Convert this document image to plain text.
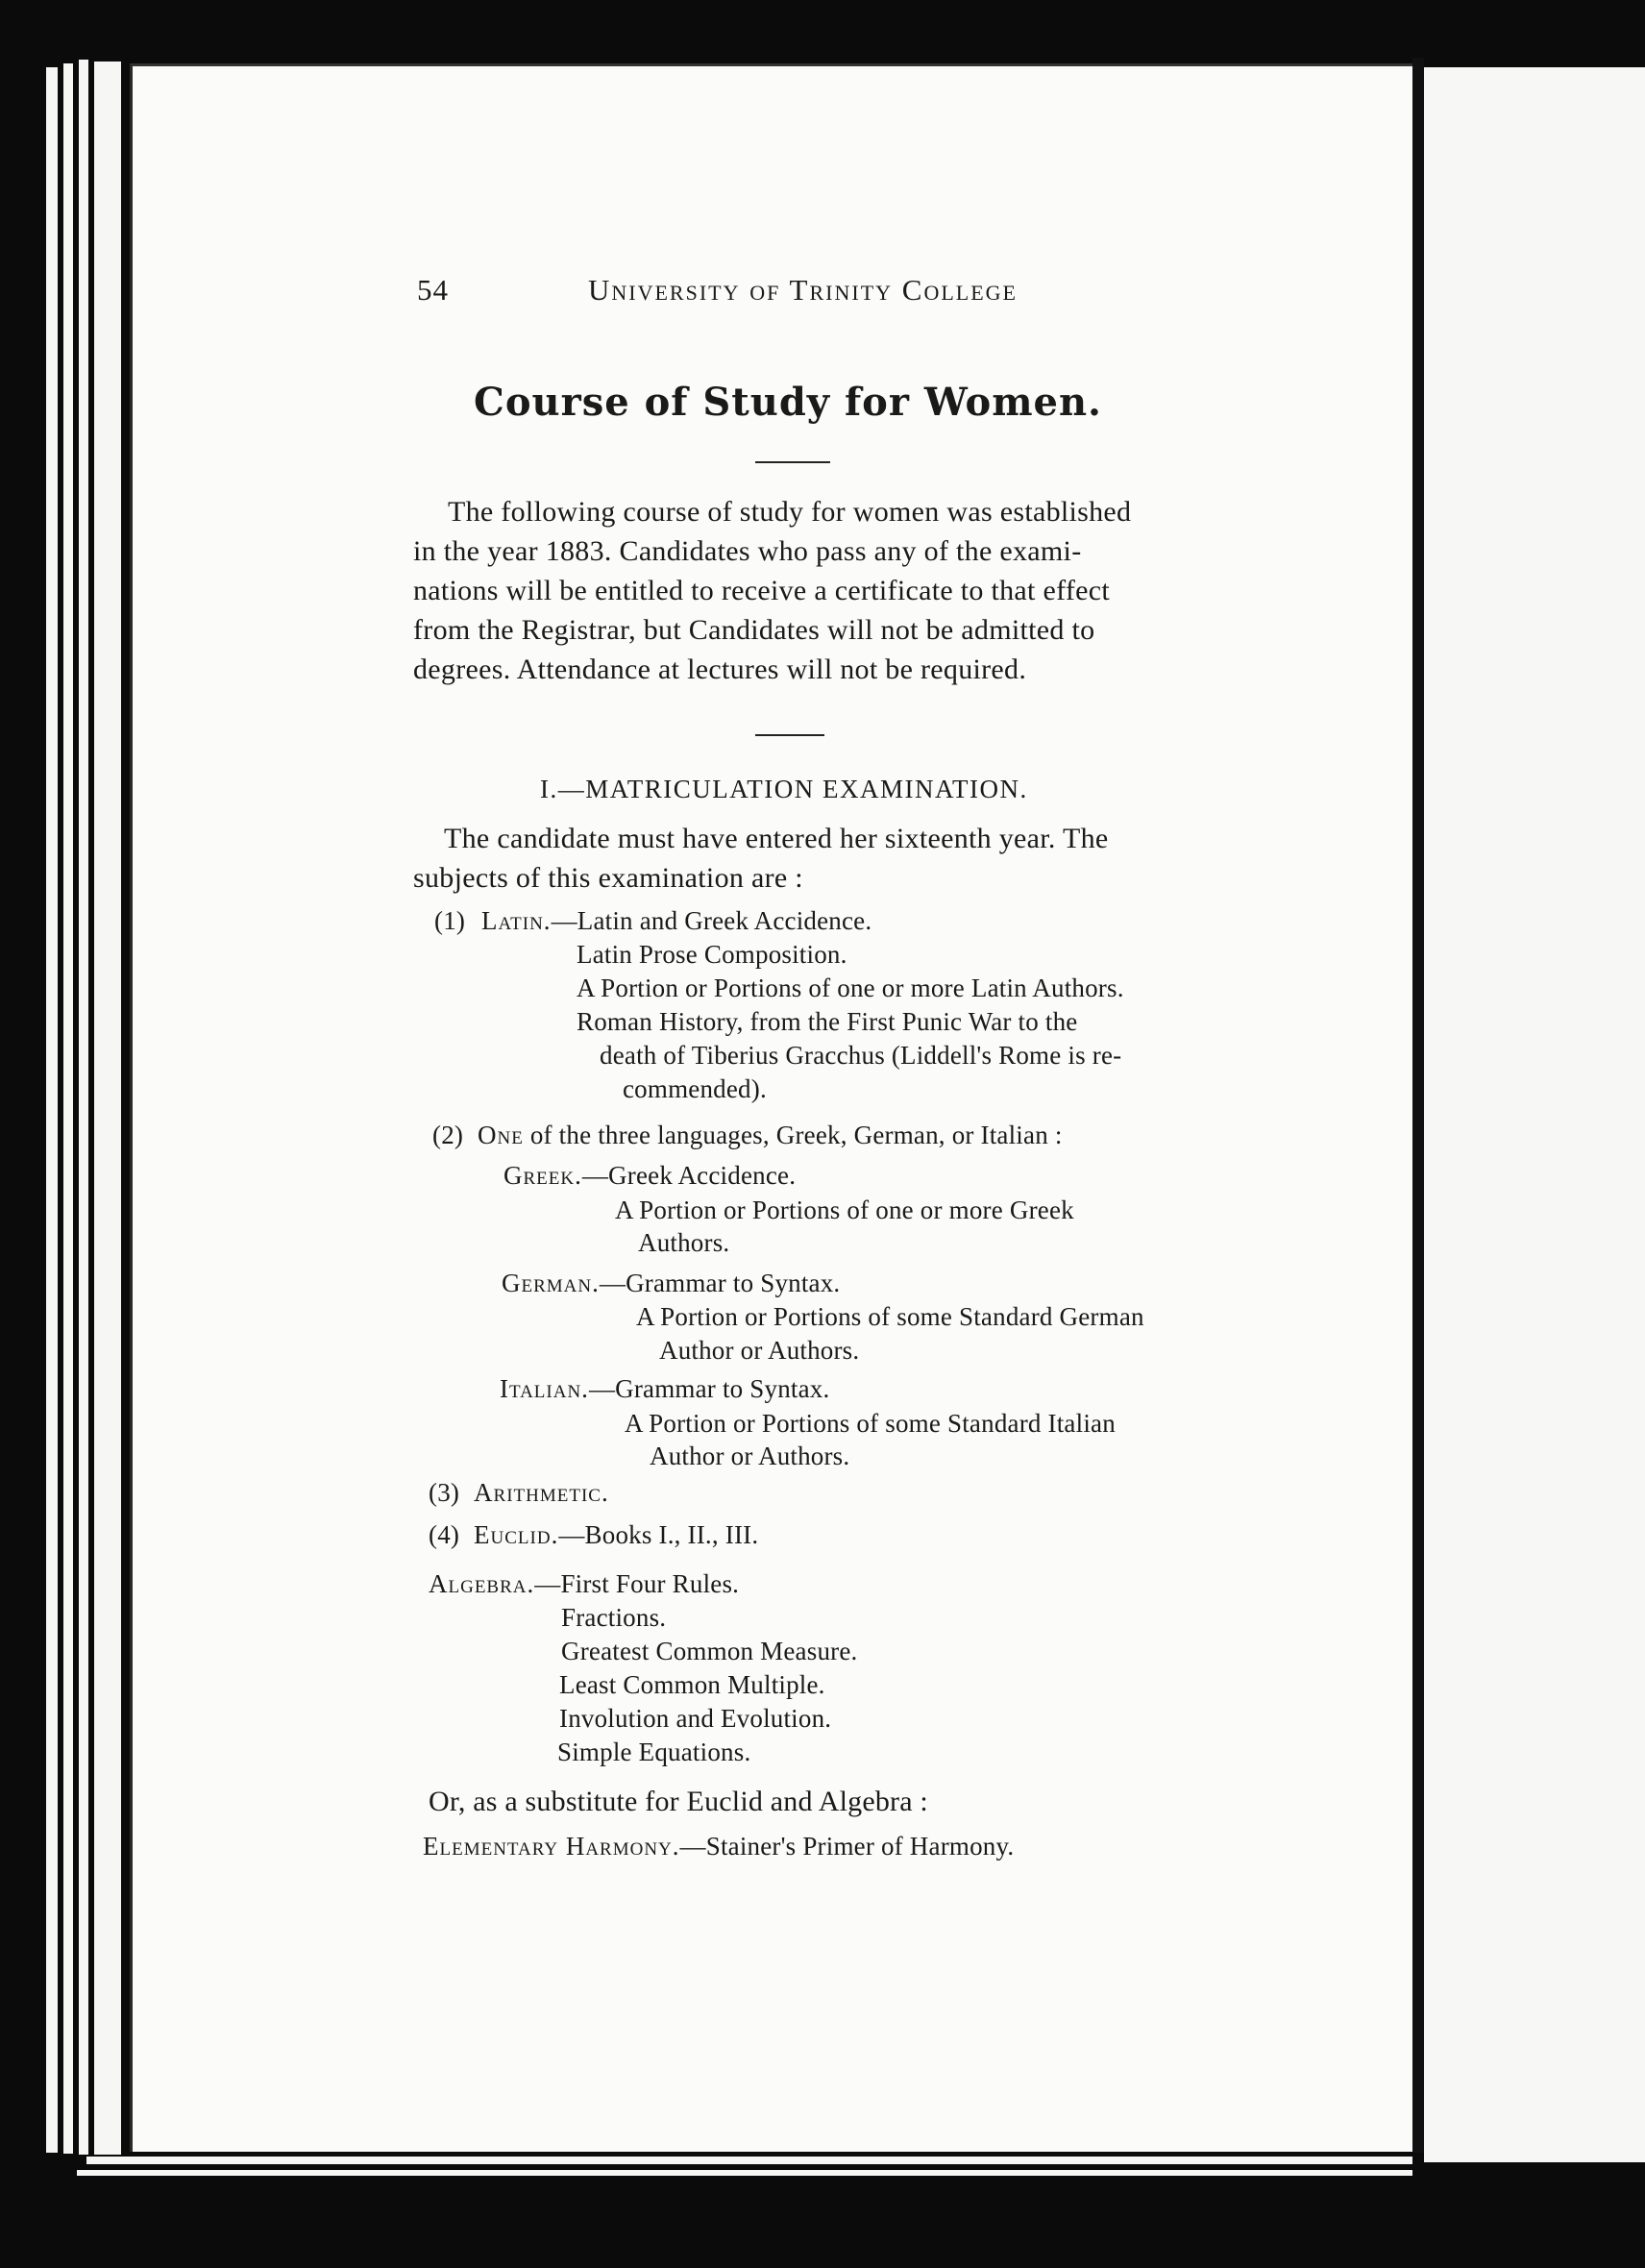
54	University of Trinity College
Course of Study for Women.
The following course of study for women was established
in the year 1883. Candidates who pass any of the exami-
nations will be entitled to receive a certificate to that effect
from the Registrar, but Candidates will not be admitted to
degrees. Attendance at lectures will not be required.
I.—MATRICULATION EXAMINATION.
The candidate must have entered her sixteenth year. The
subjects of this examination are :
(1) Latin.—Latin and Greek Accidence.
Latin Prose Composition.
A Portion or Portions of one or more Latin Authors.
Roman History, from the First Punic War to the
death of Tiberius Gracchus (Liddell's Rome is re-
commended).
(2) One of the three languages, Greek, German, or Italian :
Greek.—Greek Accidence.
A Portion or Portions of one or more Greek
Authors.
German.—Grammar to Syntax.
A Portion or Portions of some Standard German
Author or Authors.
Italian.—Grammar to Syntax.
A Portion or Portions of some Standard Italian
Author or Authors.
(3) Arithmetic.
(4) Euclid.—Books I., II., III.
Algebra.—First Four Rules.
Fractions.
Greatest Common Measure.
Least Common Multiple.
Involution and Evolution.
Simple Equations.
Or, as a substitute for Euclid and Algebra :
Elementary Harmony.—Stainer's Primer of Harmony.
